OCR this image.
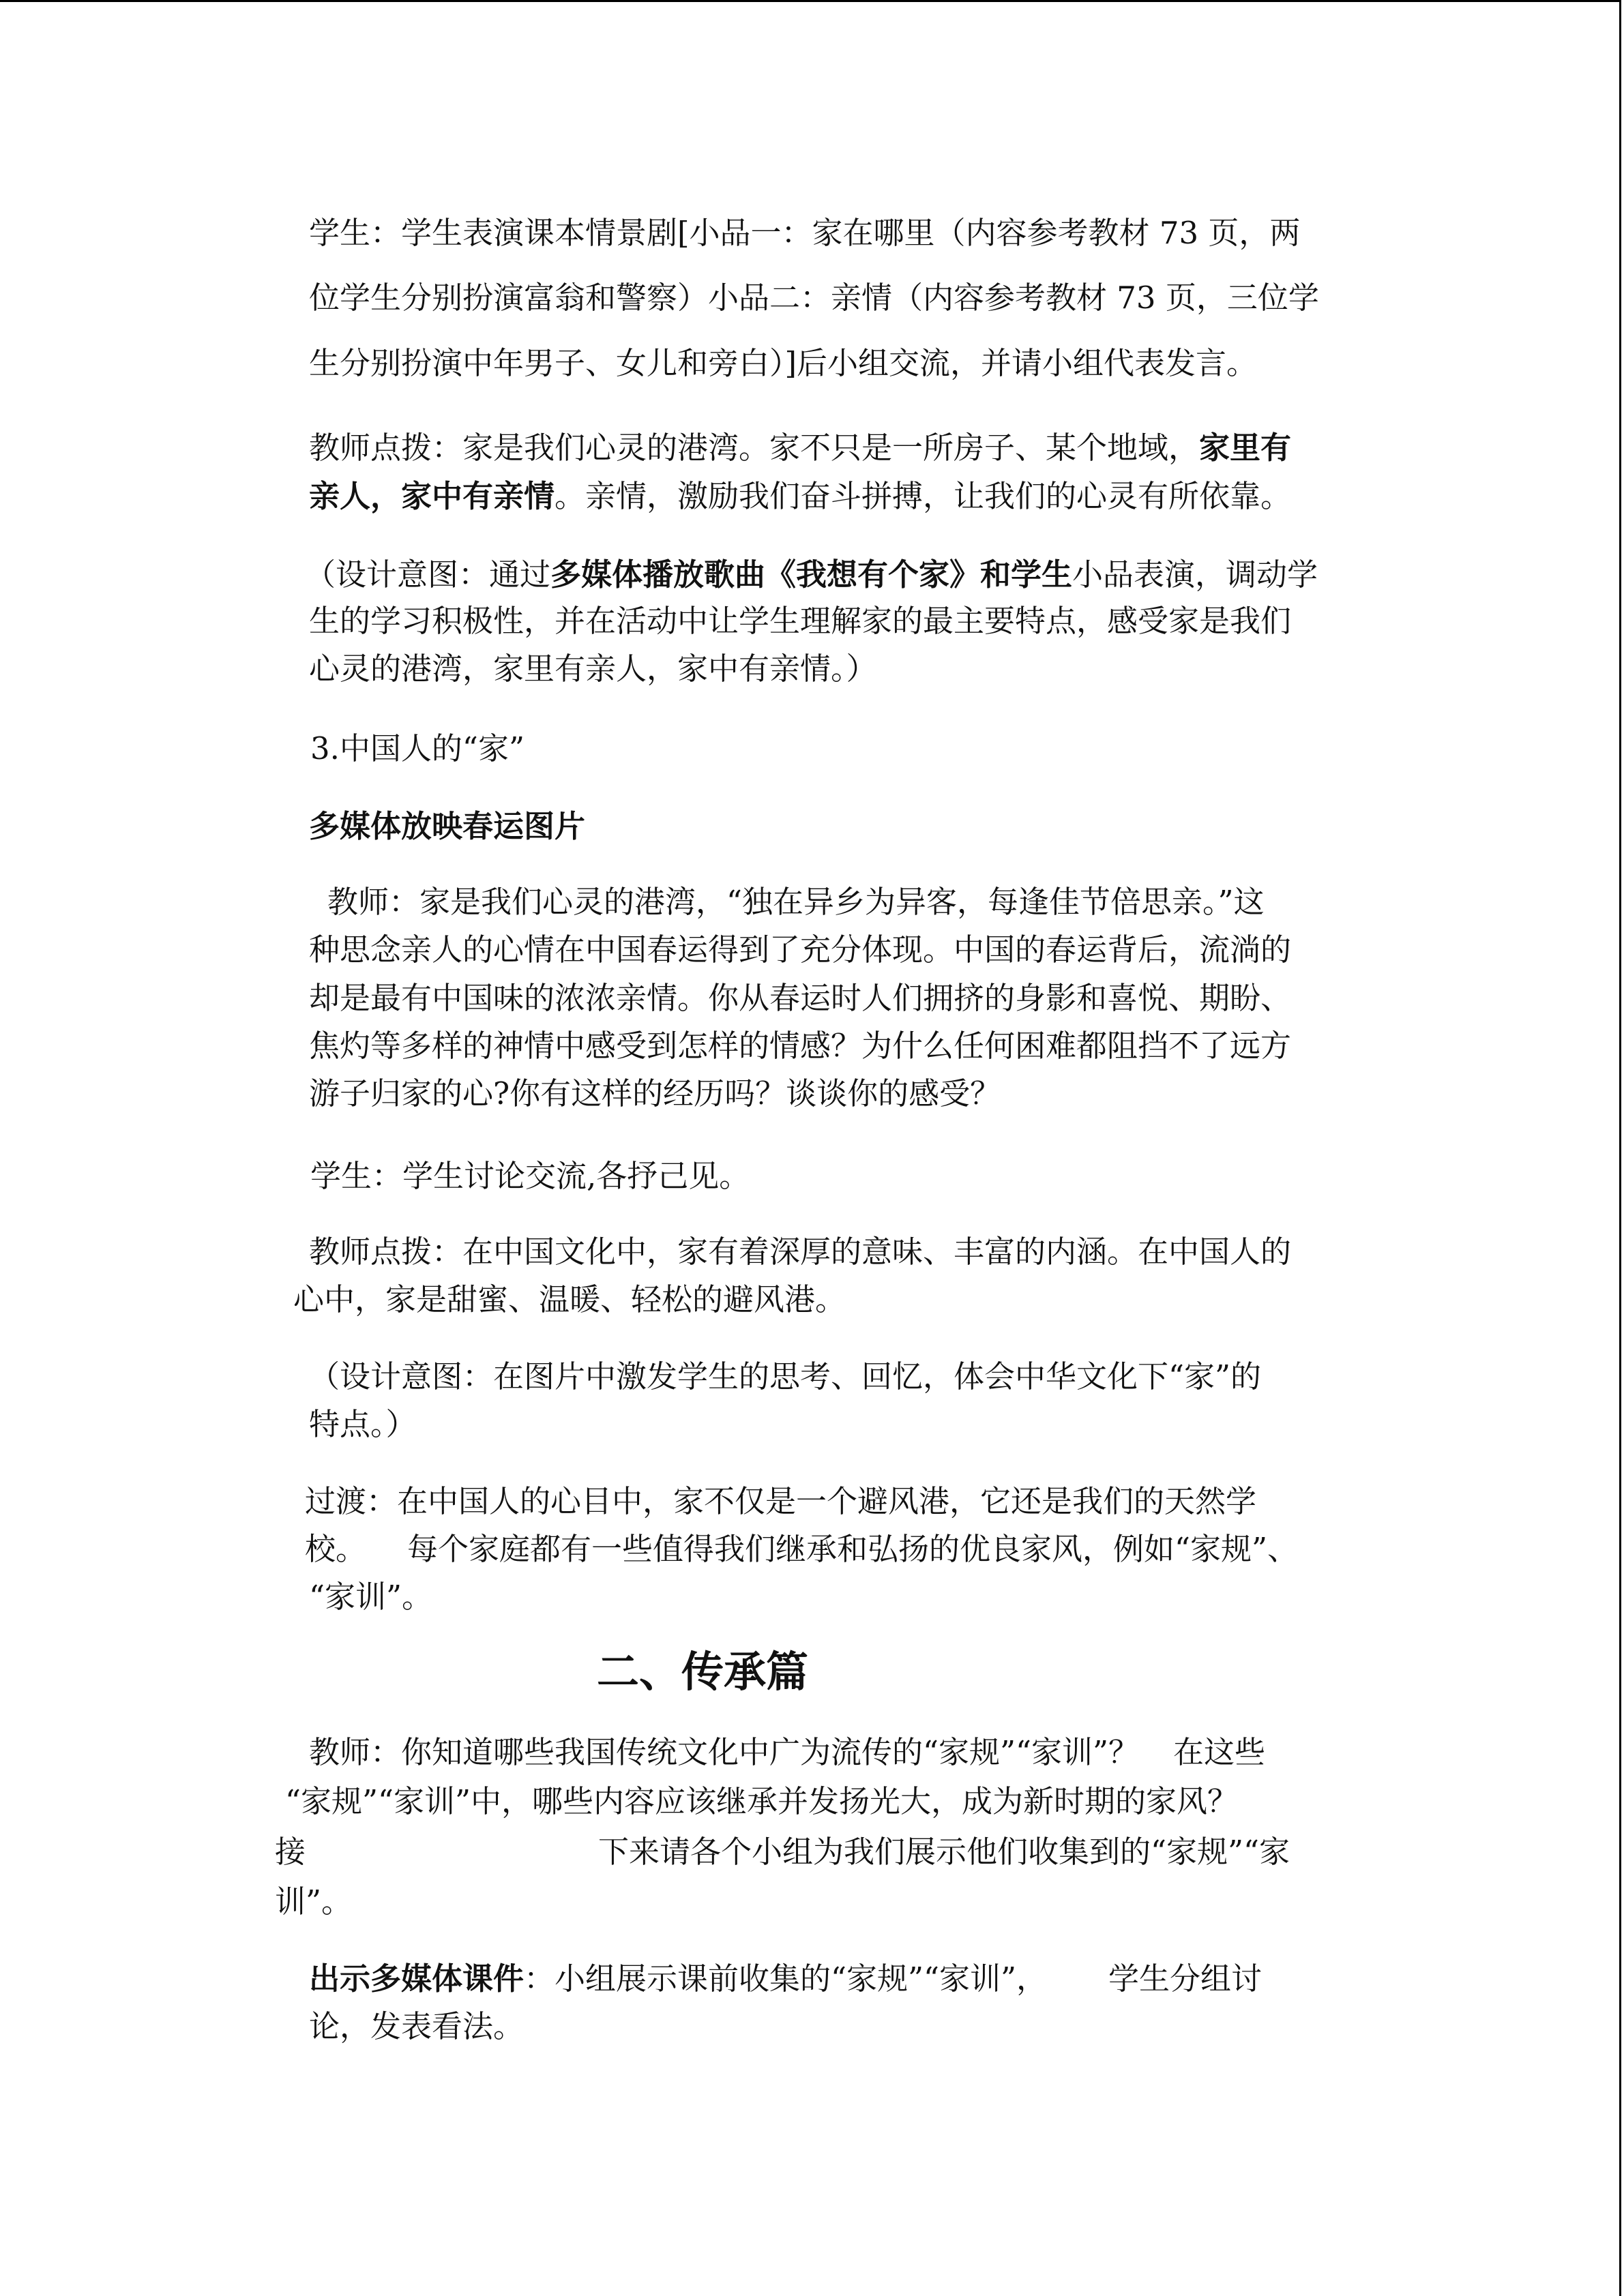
学生：学生表演课本情景剧[小品一：家在哪里（内容参考教材 73 页，两
位学生分别扮演富翁和警察）小品二：亲情（内容参考教材 73 页，三位学
生分别扮演中年男子、女儿和旁白）]后小组交流，并请小组代表发言。
教师点拨：家是我们心灵的港湾。家不只是一所房子、某个地域，家里有
亲人，家中有亲情。亲情，激励我们奋斗拼搏，让我们的心灵有所依靠。
（设计意图：通过多媒体播放歌曲《我想有个家》和学生小品表演，调动学
生的学习积极性，并在活动中让学生理解家的最主要特点，感受家是我们
心灵的港湾，家里有亲人，家中有亲情。）
3.中国人的“家”
多媒体放映春运图片
教师：家是我们心灵的港湾，“独在异乡为异客，每逢佳节倍思亲。”这
种思念亲人的心情在中国春运得到了充分体现。中国的春运背后，流淌的
却是最有中国味的浓浓亲情。你从春运时人们拥挤的身影和喜悦、期盼、
焦灼等多样的神情中感受到怎样的情感？为什么任何困难都阻挡不了远方
游子归家的心?你有这样的经历吗？谈谈你的感受？
学生：学生讨论交流,各抒己见。
教师点拨：在中国文化中，家有着深厚的意味、丰富的内涵。在中国人的
心中，家是甜蜜、温暖、轻松的避风港。
（设计意图：在图片中激发学生的思考、回忆，体会中华文化下“家”的
特点。）
过渡：在中国人的心目中，家不仅是一个避风港，它还是我们的天然学
校。 每个家庭都有一些值得我们继承和弘扬的优良家风，例如“家规”、
“家训”。
二、传承篇
教师：你知道哪些我国传统文化中广为流传的“家规”“家训”？ 在这些
“家规”“家训”中，哪些内容应该继承并发扬光大，成为新时期的家风？
接	下来请各个小组为我们展示他们收集到的“家规”“家
训”。
出示多媒体课件：小组展示课前收集的“家规”“家训”， 学生分组讨
论，发表看法。
